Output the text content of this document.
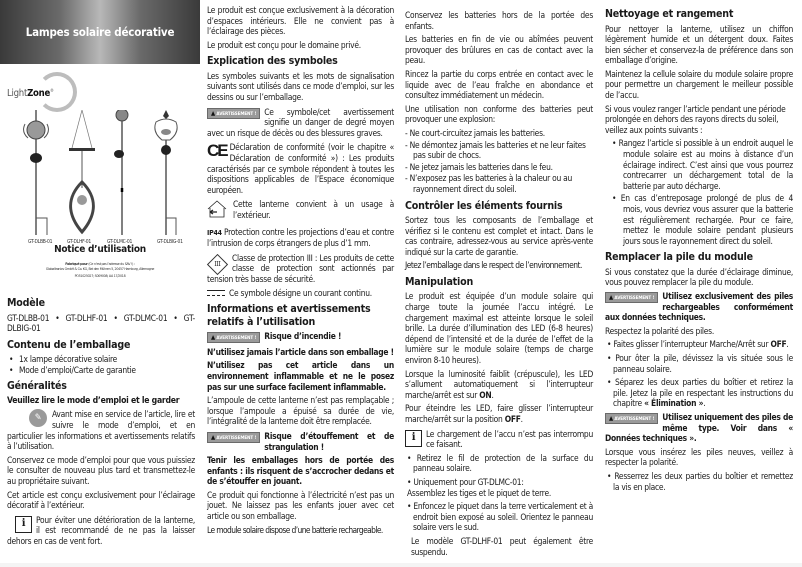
Lampes solaire décorative
LightZone®
GT-DLBB-01	GT-DLHF-01	GT-DLMC-01	GT-DLBIG-01
Notice d’utilisation
Fabriqué pour (Ce n’est pas l’adresse du SAV !) :
Globaltronics GmbH & Co. KG, Bei den Mühren 5, 20457 Hamburg, Allemagne
PO51025027; S009008; AA 17/2018
Modèle

GT-DLBB-01 • GT-DLHF-01 • GT-DLMC-01 • GT-DLBIG-01

Contenu de l’emballage
• 1x lampe décorative solaire
• Mode d’emploi/Carte de garantie
Généralités
Veuillez lire le mode d’emploi et le garder

✎	Avant mise en service de l’article, lire et suivre le mode d’emploi, et en particulier les informations et avertissements relatifs à l’utilisation.

Conservez ce mode d’emploi pour que vous puissiez le consulter de nouveau plus tard et transmettez-le au propriétaire suivant.

Cet article est conçu exclusivement pour l’éclairage décoratif à l’extérieur.

i	Pour éviter une détérioration de la lanterne, il est recommandé de ne pas la laisser dehors en cas de vent fort.

Le produit est conçue exclusivement à la décoration d’espaces intérieurs. Elle ne convient pas à l’éclairage des pièces.

Le produit est conçu pour le domaine privé.

Explication des symboles

Les symboles suivants et les mots de signalisation suivants sont utilisés dans ce mode d’emploi, sur les dessins ou sur l’emballage.

▲ AVERTISSEMENT ! Ce symbole/cet avertissement signifie un danger de degré moyen avec un risque de décès ou des blessures graves.

CE Déclaration de conformité (voir le chapitre « Déclaration de conformité ») : Les produits caractérisés par ce symbole répondent à toutes les dispositions applicables de l’Espace économique européen.

Cette lanterne convient à un usage à l’extérieur.

IP44 Protection contre les projections d’eau et contre l’intrusion de corps étrangers de plus d’1 mm.

III
Classe de protection III : Les produits de cette classe de protection sont actionnés par tension très basse de sécurité.

Ce symbole désigne un courant continu.

Informations et avertissements relatifs à l’utilisation

▲ AVERTISSEMENT ! Risque d’incendie !

N’utilisez jamais l’article dans son emballage !

N’utilisez pas cet article dans un environnement inflammable et ne le posez pas sur une surface facilement inflammable.

L’ampoule de cette lanterne n’est pas remplaçable ; lorsque l’ampoule a épuisé sa durée de vie, l’intégralité de la lanterne doit être remplacée.

▲ AVERTISSEMENT ! Risque d’étouffement et de strangulation !

Tenir les emballages hors de portée des enfants : ils risquent de s’accrocher dedans et de s’étouffer en jouant.

Ce produit qui fonctionne à l’électricité n’est pas un jouet. Ne laissez pas les enfants jouer avec cet article ou son emballage.

Le module solaire dispose d’une batterie rechargeable.

Conservez les batteries hors de la portée des enfants.

Les batteries en fin de vie ou abîmées peuvent provoquer des brûlures en cas de contact avec la peau.

Rincez la partie du corps entrée en contact avec le liquide avec de l’eau fraîche en abondance et consultez immédiatement un médecin.

Une utilisation non conforme des batteries peut provoquer une explosion:

- Ne court-circuitez jamais les batteries.

- Ne démontez jamais les batteries et ne leur faites pas subir de chocs.

- Ne jetez jamais les batteries dans le feu.

- N’exposez pas les batteries à la chaleur ou au rayonnement direct du soleil.

Contrôler les éléments fournis

Sortez tous les composants de l’emballage et vérifiez si le contenu est complet et intact. Dans le cas contraire, adressez-vous au service après-vente indiqué sur la carte de garantie.

Jetez l’emballage dans le respect de l’environnement.

Manipulation

Le produit est équipée d’un module solaire qui charge toute la journée l’accu intégré. Le chargement maximal est atteinte lorsque le soleil brille. La durée d’illumination des LED (6-8 heures) dépend de l’intensité et de la durée de l’effet de la lumière sur le module solaire (temps de charge environ 8-10 heures).

Lorsque la luminosité faiblit (crépuscule), les LED s’allument automatiquement si l’interrupteur marche/arrêt est sur ON.

Pour éteindre les LED, faire glisser l’interrupteur marche/arrêt sur la position OFF.

i	Le chargement de l’accu n’est pas interrompu ce faisant.

• Retirez le fil de protection de la surface du panneau solaire.

• Uniquement pour GT-DLMC-01:

Assemblez les tiges et le piquet de terre.

• Enfoncez le piquet dans la terre verticalement et à endroit bien exposé au soleil. Orientez le panneau solaire vers le sud.

Le modèle GT-DLHF-01 peut également être suspendu.

Nettoyage et rangement

Pour nettoyer la lanterne, utilisez un chiffon légèrement humide et un détergent doux. Faites bien sécher et conservez-la de préférence dans son emballage d’origine.

Maintenez la cellule solaire du module solaire propre pour permettre un chargement le meilleur possible de l’accu.

Si vous voulez ranger l’article pendant une période prolongée en dehors des rayons directs du soleil, veillez aux points suivants :

• Rangez l’article si possible à un endroit auquel le module solaire est au moins à distance d’un éclairage indirect. C’est ainsi que vous pourrez contrecarrer un déchargement total de la batterie par auto décharge.

• En cas d’entreposage prolongé de plus de 4 mois, vous devriez vous assurer que la batterie est régulièrement rechargée. Pour ce faire, mettez le module solaire pendant plusieurs jours sous le rayonnement direct du soleil.

Remplacer la pile du module

Si vous constatez que la durée d’éclairage diminue, vous pouvez remplacer la pile du module.

▲ AVERTISSEMENT ! Utilisez exclusivement des piles rechargeables conformément aux données techniques.

Respectez la polarité des piles.

• Faites glisser l’interrupteur Marche/Arrêt sur OFF.

• Pour ôter la pile, dévissez la vis située sous le panneau solaire.

• Séparez les deux parties du boîtier et retirez la pile. Jetez la pile en respectant les instructions du chapitre « Élimination ».

▲ AVERTISSEMENT ! Utilisez uniquement des piles de même type. Voir dans « Données techniques ».

Lorsque vous insérez les piles neuves, veillez à respecter la polarité.

• Resserrez les deux parties du boîtier et remettez la vis en place.
